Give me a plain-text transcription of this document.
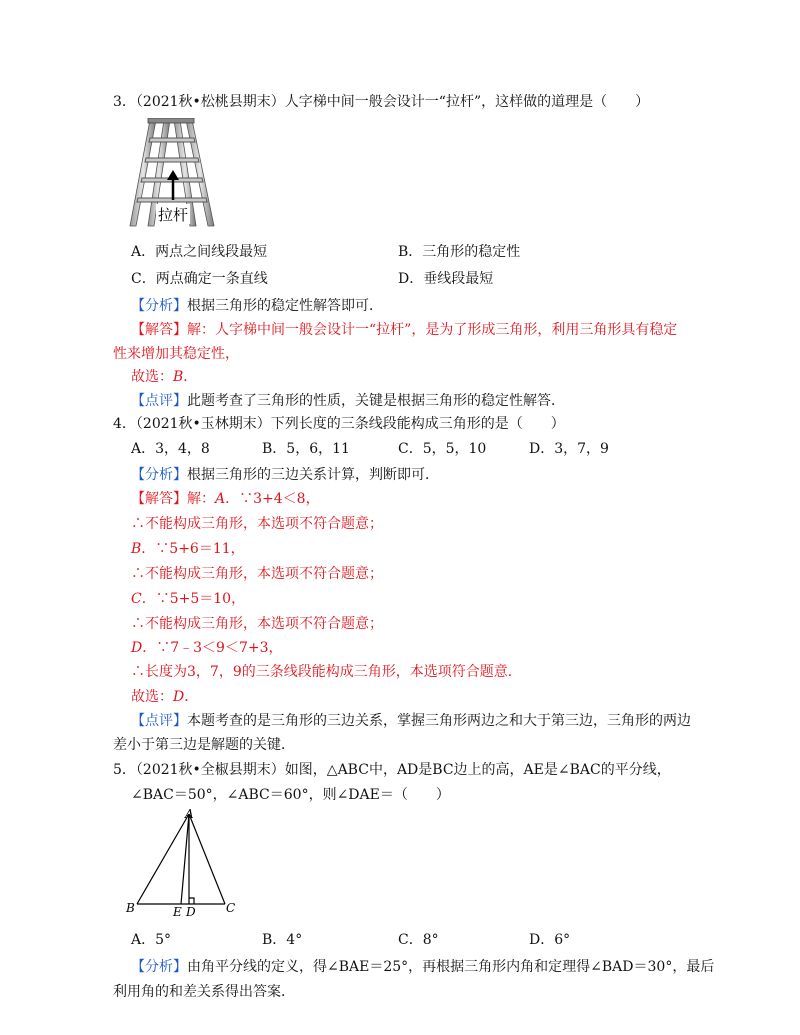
3．（2021秋•松桃县期末）人字梯中间一般会设计一“拉杆”，这样做的道理是（　　）
拉杆
A．两点之间线段最短	B．三角形的稳定性
C．两点确定一条直线	D．垂线段最短
【分析】根据三角形的稳定性解答即可．
【解答】解：人字梯中间一般会设计一“拉杆”，是为了形成三角形，利用三角形具有稳定
性来增加其稳定性，
故选：B．
【点评】此题考查了三角形的性质，关键是根据三角形的稳定性解答．
4．（2021秋•玉林期末）下列长度的三条线段能构成三角形的是（　　）
A．3，4，8	B．5，6，11	C．5，5，10	D．3，7，9
【分析】根据三角形的三边关系计算，判断即可．
【解答】解：A．∵3+4＜8，
∴不能构成三角形，本选项不符合题意；
B．∵5+6＝11，
∴不能构成三角形，本选项不符合题意；
C．∵5+5＝10，
∴不能构成三角形，本选项不符合题意；
D．∵7﹣3＜9＜7+3，
∴长度为3，7，9的三条线段能构成三角形，本选项符合题意．
故选：D．
【点评】本题考查的是三角形的三边关系，掌握三角形两边之和大于第三边，三角形的两边
差小于第三边是解题的关键．
5．（2021秋•全椒县期末）如图，△ABC中，AD是BC边上的高，AE是∠BAC的平分线，
∠BAC＝50°，∠ABC＝60°，则∠DAE＝（　　）
A
B	C
E D
A．5°	B．4°	C．8°	D．6°
【分析】由角平分线的定义，得∠BAE＝25°，再根据三角形内角和定理得∠BAD＝30°，最后
利用角的和差关系得出答案．
